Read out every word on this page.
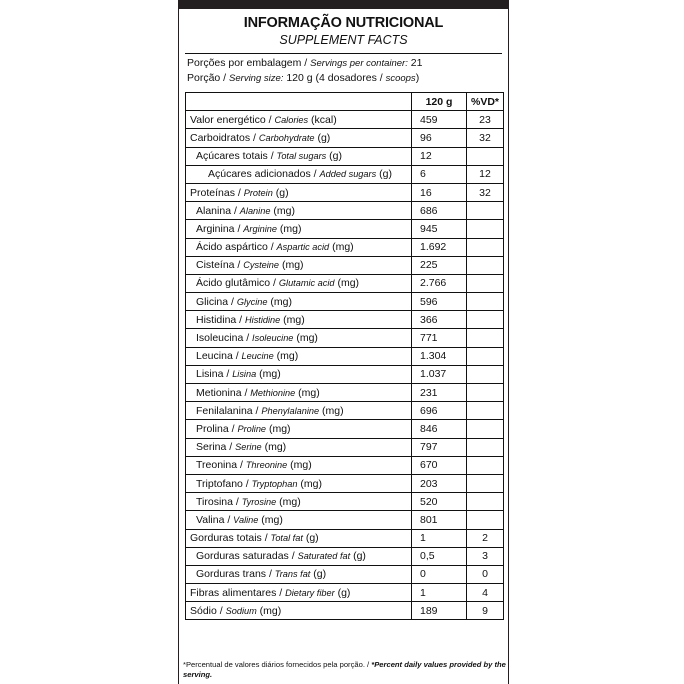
INFORMAÇÃO NUTRICIONAL
SUPPLEMENT FACTS
Porções por embalagem / Servings per container: 21
Porção / Serving size: 120 g (4 dosadores / scoops)
	120 g	%VD*
Valor energético / Calories (kcal)	459	23
Carboidratos / Carbohydrate (g)	96	32
Açúcares totais / Total sugars (g)	12	
Açúcares adicionados / Added sugars (g)	6	12
Proteínas / Protein (g)	16	32
Alanina / Alanine (mg)	686	
Arginina / Arginine (mg)	945	
Ácido aspártico / Aspartic acid (mg)	1.692	
Cisteína / Cysteine (mg)	225	
Ácido glutâmico / Glutamic acid (mg)	2.766	
Glicina / Glycine (mg)	596	
Histidina / Histidine (mg)	366	
Isoleucina / Isoleucine (mg)	771	
Leucina / Leucine (mg)	1.304	
Lisina / Lisina (mg)	1.037	
Metionina / Methionine (mg)	231	
Fenilalanina / Phenylalanine (mg)	696	
Prolina / Proline (mg)	846	
Serina / Serine (mg)	797	
Treonina / Threonine (mg)	670	
Triptofano / Tryptophan (mg)	203	
Tirosina / Tyrosine (mg)	520	
Valina / Valine (mg)	801	
Gorduras totais / Total fat (g)	1	2
Gorduras saturadas / Saturated fat (g)	0,5	3
Gorduras trans / Trans fat (g)	0	0
Fibras alimentares / Dietary fiber (g)	1	4
Sódio / Sodium (mg)	189	9
*Percentual de valores diários fornecidos pela porção. / *Percent daily values provided by the serving.
